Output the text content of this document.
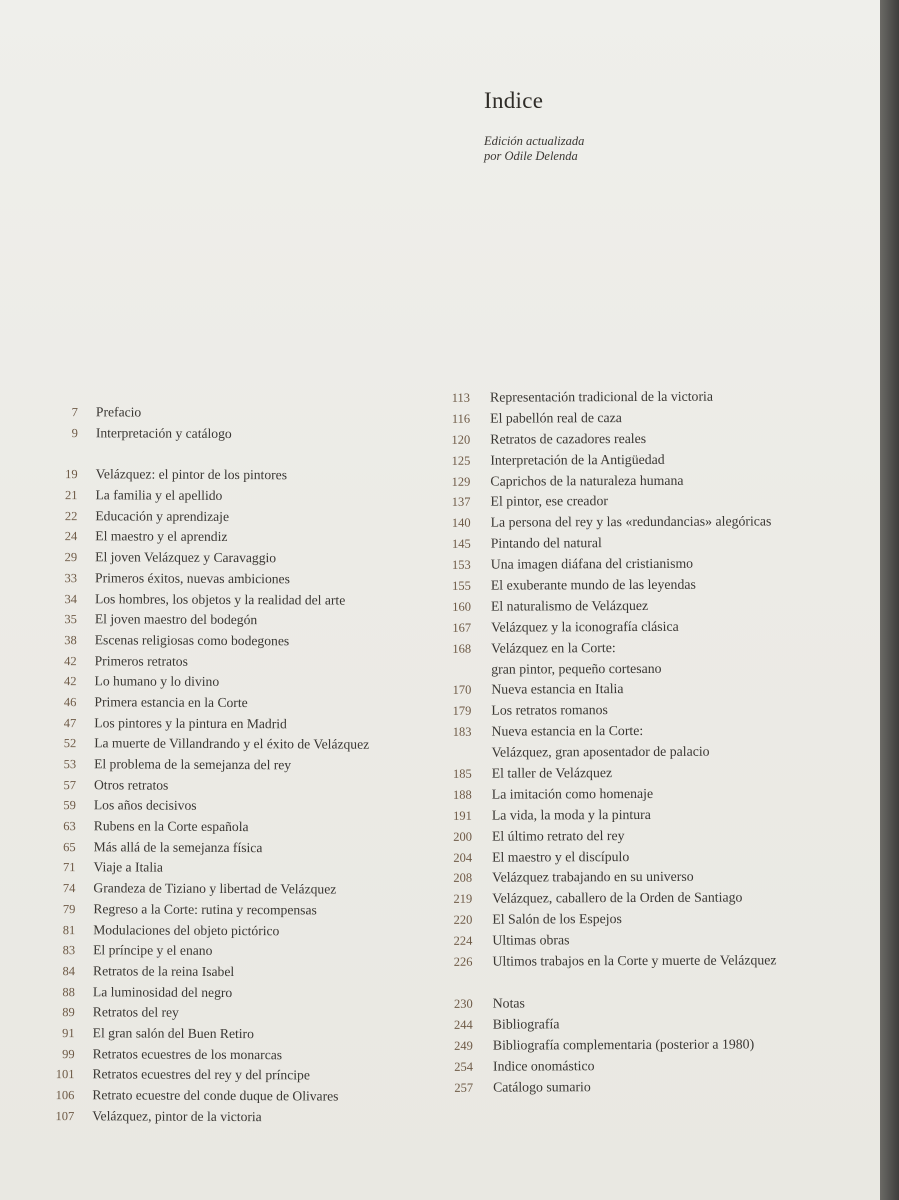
Indice
Edición actualizada
por Odile Delenda
7 Prefacio
9 Interpretación y catálogo
19 Velázquez: el pintor de los pintores
21 La familia y el apellido
22 Educación y aprendizaje
24 El maestro y el aprendiz
29 El joven Velázquez y Caravaggio
33 Primeros éxitos, nuevas ambiciones
34 Los hombres, los objetos y la realidad del arte
35 El joven maestro del bodegón
38 Escenas religiosas como bodegones
42 Primeros retratos
42 Lo humano y lo divino
46 Primera estancia en la Corte
47 Los pintores y la pintura en Madrid
52 La muerte de Villandrando y el éxito de Velázquez
53 El problema de la semejanza del rey
57 Otros retratos
59 Los años decisivos
63 Rubens en la Corte española
65 Más allá de la semejanza física
71 Viaje a Italia
74 Grandeza de Tiziano y libertad de Velázquez
79 Regreso a la Corte: rutina y recompensas
81 Modulaciones del objeto pictórico
83 El príncipe y el enano
84 Retratos de la reina Isabel
88 La luminosidad del negro
89 Retratos del rey
91 El gran salón del Buen Retiro
99 Retratos ecuestres de los monarcas
101 Retratos ecuestres del rey y del príncipe
106 Retrato ecuestre del conde duque de Olivares
107 Velázquez, pintor de la victoria
113 Representación tradicional de la victoria
116 El pabellón real de caza
120 Retratos de cazadores reales
125 Interpretación de la Antigüedad
129 Caprichos de la naturaleza humana
137 El pintor, ese creador
140 La persona del rey y las «redundancias» alegóricas
145 Pintando del natural
153 Una imagen diáfana del cristianismo
155 El exuberante mundo de las leyendas
160 El naturalismo de Velázquez
167 Velázquez y la iconografía clásica
168 Velázquez en la Corte:
gran pintor, pequeño cortesano
170 Nueva estancia en Italia
179 Los retratos romanos
183 Nueva estancia en la Corte:
Velázquez, gran aposentador de palacio
185 El taller de Velázquez
188 La imitación como homenaje
191 La vida, la moda y la pintura
200 El último retrato del rey
204 El maestro y el discípulo
208 Velázquez trabajando en su universo
219 Velázquez, caballero de la Orden de Santiago
220 El Salón de los Espejos
224 Ultimas obras
226 Ultimos trabajos en la Corte y muerte de Velázquez
230 Notas
244 Bibliografía
249 Bibliografía complementaria (posterior a 1980)
254 Indice onomástico
257 Catálogo sumario
